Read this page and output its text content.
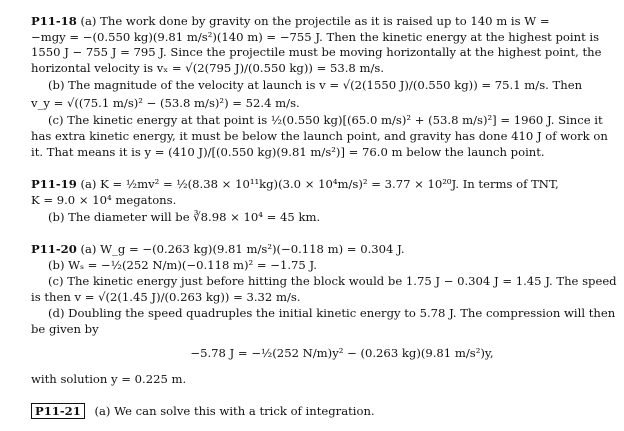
P11-18 (a) The work done by gravity on the projectile as it is raised up to 140 m is W =
−mgy = −(0.550 kg)(9.81 m/s²)(140 m) = −755 J. Then the kinetic energy at the highest point is
1550 J − 755 J = 795 J. Since the projectile must be moving horizontally at the highest point, the
horizontal velocity is vₓ = √(2(795 J)/(0.550 kg)) = 53.8 m/s.
(b) The magnitude of the velocity at launch is v = √(2(1550 J)/(0.550 kg)) = 75.1 m/s. Then
v_y = √((75.1 m/s)² − (53.8 m/s)²) = 52.4 m/s.
(c) The kinetic energy at that point is ½(0.550 kg)[(65.0 m/s)² + (53.8 m/s)²] = 1960 J. Since it
has extra kinetic energy, it must be below the launch point, and gravity has done 410 J of work on
it. That means it is y = (410 J)/[(0.550 kg)(9.81 m/s²)] = 76.0 m below the launch point.
P11-19 (a) K = ½mv² = ½(8.38 × 10¹¹kg)(3.0 × 10⁴m/s)² = 3.77 × 10²⁰J. In terms of TNT,
K = 9.0 × 10⁴ megatons.
(b) The diameter will be ∛8.98 × 10⁴ = 45 km.
P11-20 (a) W_g = −(0.263 kg)(9.81 m/s²)(−0.118 m) = 0.304 J.
(b) Wₛ = −½(252 N/m)(−0.118 m)² = −1.75 J.
(c) The kinetic energy just before hitting the block would be 1.75 J − 0.304 J = 1.45 J. The speed
is then v = √(2(1.45 J)/(0.263 kg)) = 3.32 m/s.
(d) Doubling the speed quadruples the initial kinetic energy to 5.78 J. The compression will then
be given by
−5.78 J = −½(252 N/m)y² − (0.263 kg)(9.81 m/s²)y,
with solution y = 0.225 m.
P11-21 (a) We can solve this with a trick of integration.
